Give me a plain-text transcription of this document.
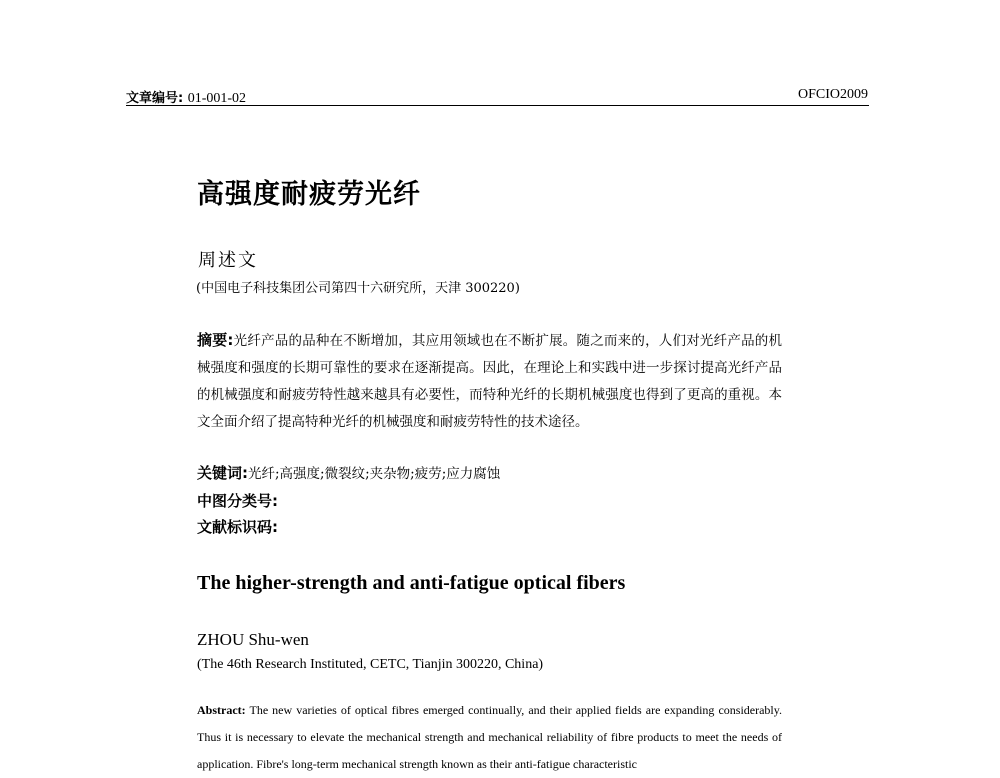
文章编号: 01-001-02	OFCIO2009
高强度耐疲劳光纤
周述文
(中国电子科技集团公司第四十六研究所，天津 300220)
摘要:光纤产品的品种在不断增加，其应用领域也在不断扩展。随之而来的，人们对光纤产品的机械强度和强度的长期可靠性的要求在逐渐提高。因此，在理论上和实践中进一步探讨提高光纤产品的机械强度和耐疲劳特性越来越具有必要性，而特种光纤的长期机械强度也得到了更高的重视。本文全面介绍了提高特种光纤的机械强度和耐疲劳特性的技术途径。
关键词:光纤;高强度;微裂纹;夹杂物;疲劳;应力腐蚀
中图分类号:
文献标识码:
The higher-strength and anti-fatigue optical fibers
ZHOU Shu-wen
(The 46th Research Instituted, CETC, Tianjin 300220, China)
Abstract: The new varieties of optical fibres emerged continually, and their applied fields are expanding considerably. Thus it is necessary to elevate the mechanical strength and mechanical reliability of fibre products to meet the needs of application. Fibre's long-term mechanical strength known as their anti-fatigue characteristic
